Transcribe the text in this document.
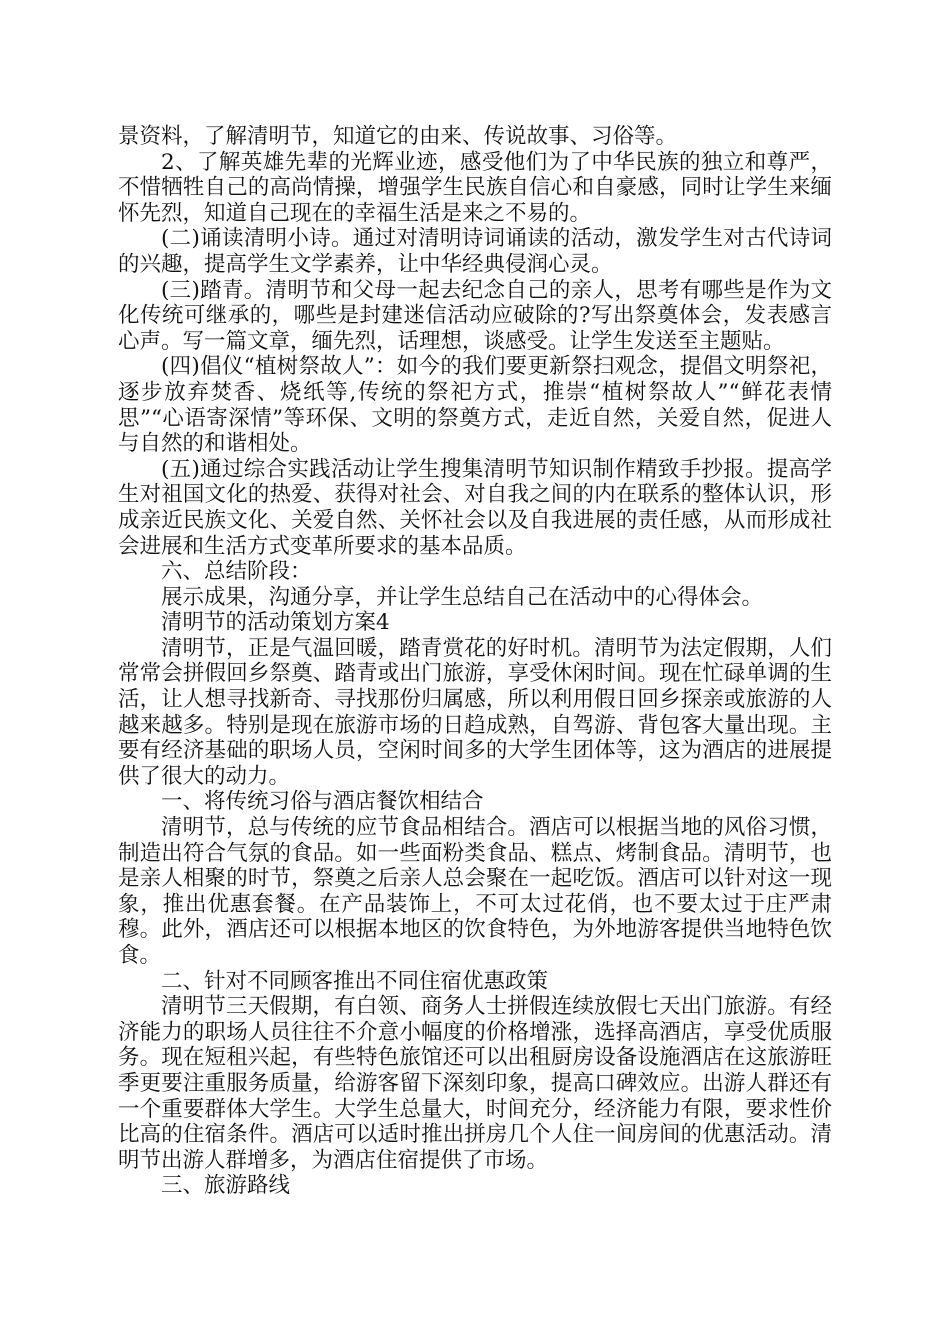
景资料，了解清明节，知道它的由来、传说故事、习俗等。

2、了解英雄先辈的光辉业迹，感受他们为了中华民族的独立和尊严，不惜牺牲自己的高尚情操，增强学生民族自信心和自豪感，同时让学生来缅怀先烈，知道自己现在的幸福生活是来之不易的。

(二)诵读清明小诗。通过对清明诗词诵读的活动，激发学生对古代诗词的兴趣，提高学生文学素养，让中华经典侵润心灵。

(三)踏青。清明节和父母一起去纪念自己的亲人，思考有哪些是作为文化传统可继承的，哪些是封建迷信活动应破除的?写出祭奠体会，发表感言心声。写一篇文章，缅先烈，话理想，谈感受。让学生发送至主题贴。

(四)倡仪“植树祭故人”：如今的我们要更新祭扫观念，提倡文明祭祀，逐步放弃焚香、烧纸等,传统的祭祀方式，推崇“植树祭故人”“鲜花表情思”“心语寄深情”等环保、文明的祭奠方式，走近自然，关爱自然，促进人与自然的和谐相处。

(五)通过综合实践活动让学生搜集清明节知识制作精致手抄报。提高学生对祖国文化的热爱、获得对社会、对自我之间的内在联系的整体认识，形成亲近民族文化、关爱自然、关怀社会以及自我进展的责任感，从而形成社会进展和生活方式变革所要求的基本品质。

六、总结阶段：

展示成果，沟通分享，并让学生总结自己在活动中的心得体会。

清明节的活动策划方案4

清明节，正是气温回暖，踏青赏花的好时机。清明节为法定假期，人们常常会拼假回乡祭奠、踏青或出门旅游，享受休闲时间。现在忙碌单调的生活，让人想寻找新奇、寻找那份归属感，所以利用假日回乡探亲或旅游的人越来越多。特别是现在旅游市场的日趋成熟，自驾游、背包客大量出现。主要有经济基础的职场人员，空闲时间多的大学生团体等，这为酒店的进展提供了很大的动力。

一、将传统习俗与酒店餐饮相结合

清明节，总与传统的应节食品相结合。酒店可以根据当地的风俗习惯，制造出符合气氛的食品。如一些面粉类食品、糕点、烤制食品。清明节，也是亲人相聚的时节，祭奠之后亲人总会聚在一起吃饭。酒店可以针对这一现象，推出优惠套餐。在产品装饰上，不可太过花俏，也不要太过于庄严肃穆。此外，酒店还可以根据本地区的饮食特色，为外地游客提供当地特色饮食。

二、针对不同顾客推出不同住宿优惠政策

清明节三天假期，有白领、商务人士拼假连续放假七天出门旅游。有经济能力的职场人员往往不介意小幅度的价格增涨，选择高酒店，享受优质服务。现在短租兴起，有些特色旅馆还可以出租厨房设备设施酒店在这旅游旺季更要注重服务质量，给游客留下深刻印象，提高口碑效应。出游人群还有一个重要群体大学生。大学生总量大，时间充分，经济能力有限，要求性价比高的住宿条件。酒店可以适时推出拼房几个人住一间房间的优惠活动。清明节出游人群增多，为酒店住宿提供了市场。

三、旅游路线
